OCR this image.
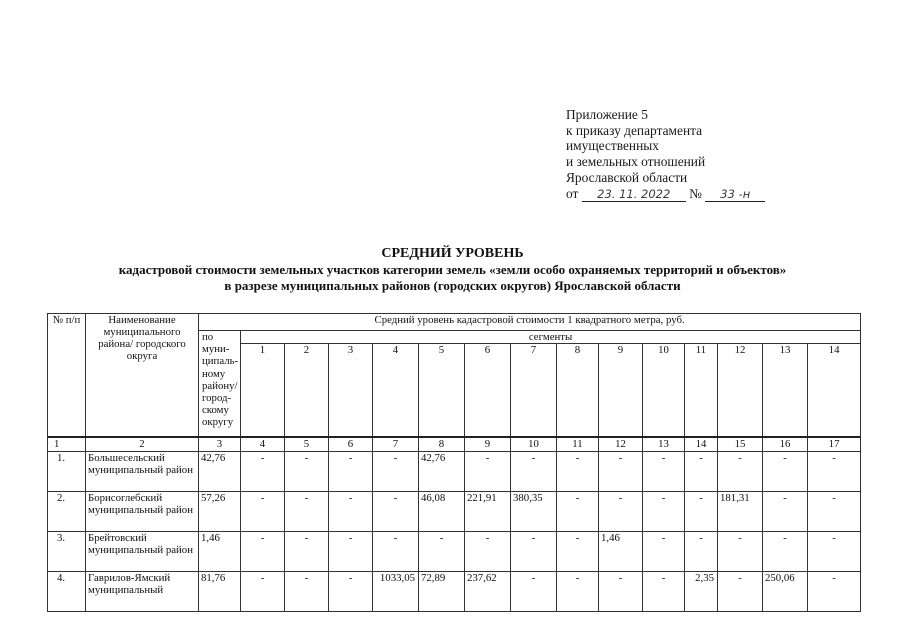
Приложение 5
к приказу департамента
имущественных
и земельных отношений
Ярославской области
от 23. 11. 2022 № 33 -н
СРЕДНИЙ УРОВЕНЬ
кадастровой стоимости земельных участков категории земель «земли особо охраняемых территорий и объектов»
в разрезе муниципальных районов (городских округов) Ярославской области
№ п/п	Наименование муниципального района/ городского округа	Средний уровень кадастровой стоимости 1 квадратного метра, руб.														
		по муни- ципаль- ному району/ город- скому округу	сегменты													
			1	2	3	4	5	6	7	8	9	10	11	12	13	14
1	2	3	4	5	6	7	8	9	10	11	12	13	14	15	16	17
1.	Большесельский муниципальный район	42,76	-	-	-	-	42,76	-	-	-	-	-	-	-	-	-
2.	Борисоглебский муниципальный район	57,26	-	-	-	-	46,08	221,91	380,35	-	-	-	-	181,31	-	-
3.	Брейтовский муниципальный район	1,46	-	-	-	-	-	-	-	-	1,46	-	-	-	-	-
4.	Гаврилов-Ямский муниципальный	81,76	-	-	-	1033,05	72,89	237,62	-	-	-	-	2,35	-	250,06	-
